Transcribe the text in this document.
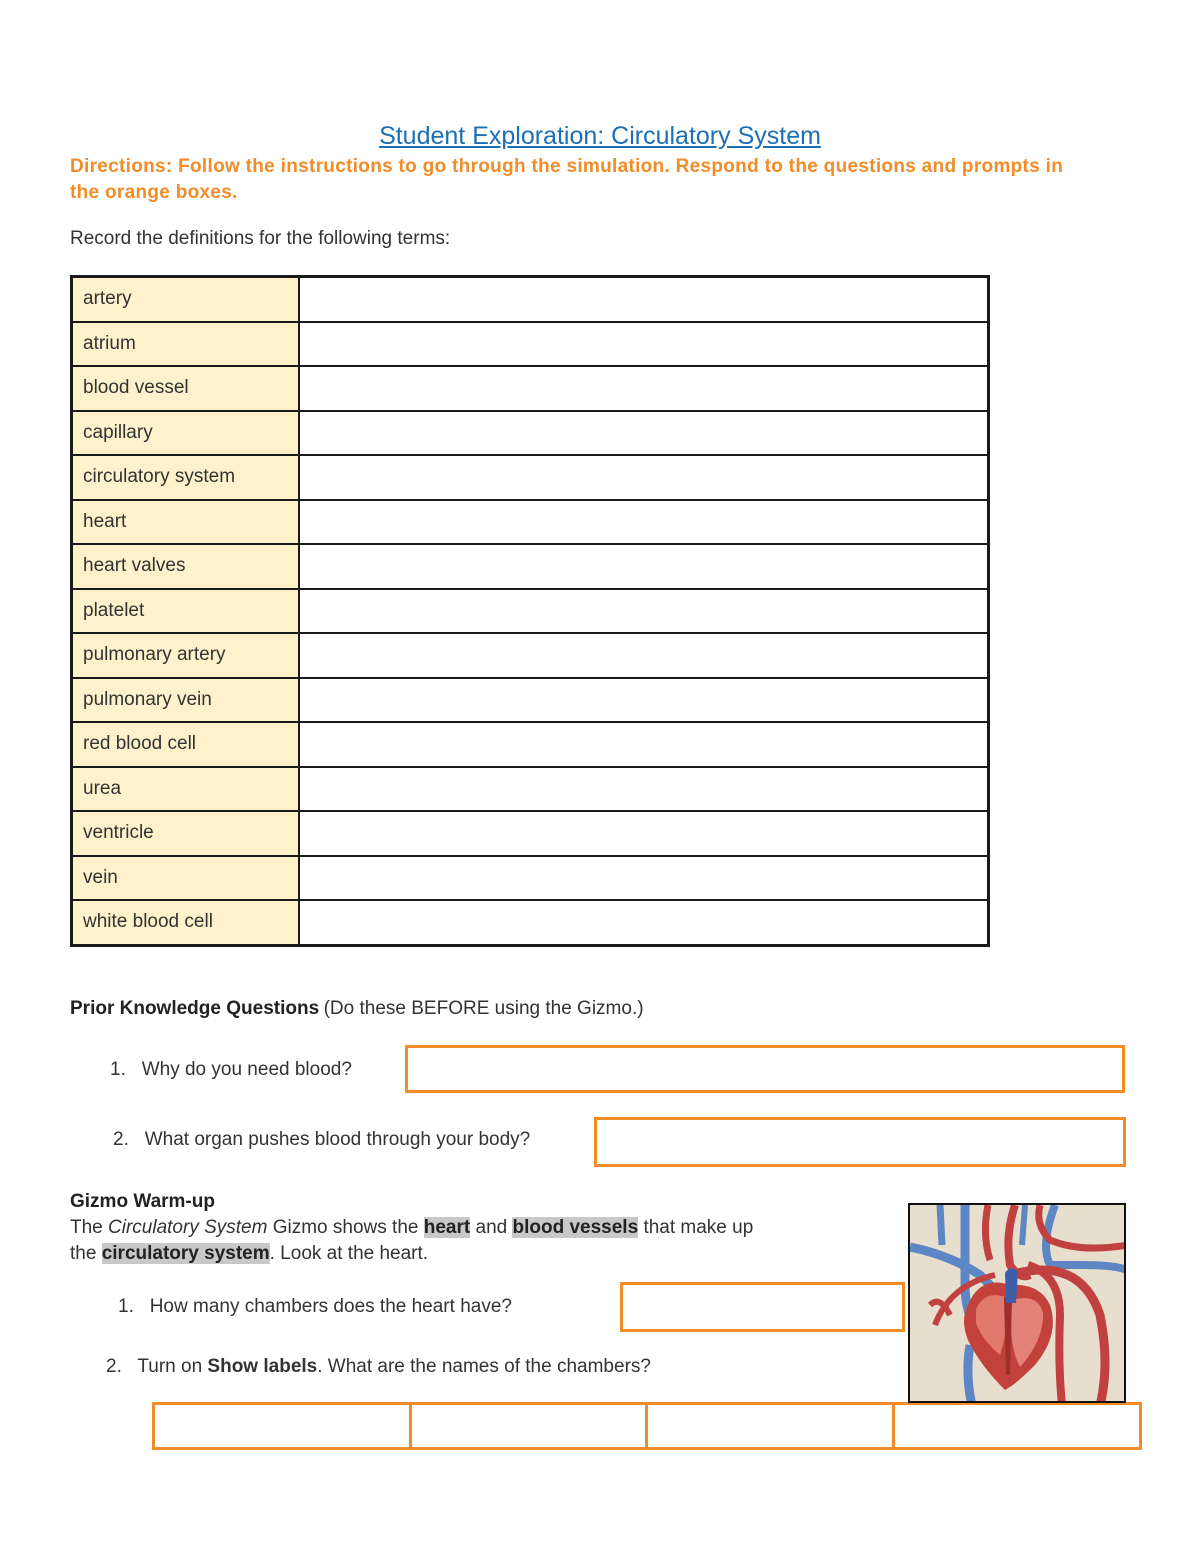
Student Exploration: Circulatory System
Directions: Follow the instructions to go through the simulation. Respond to the questions and prompts in the orange boxes.
Record the definitions for the following terms:
artery	
atrium	
blood vessel	
capillary	
circulatory system	
heart	
heart valves	
platelet	
pulmonary artery	
pulmonary vein	
red blood cell	
urea	
ventricle	
vein	
white blood cell	
Prior Knowledge Questions (Do these BEFORE using the Gizmo.)
1. Why do you need blood?
2. What organ pushes blood through your body?
Gizmo Warm-up
The Circulatory System Gizmo shows the heart and blood vessels that make up
the circulatory system. Look at the heart.
1. How many chambers does the heart have?
2. Turn on Show labels. What are the names of the chambers?
